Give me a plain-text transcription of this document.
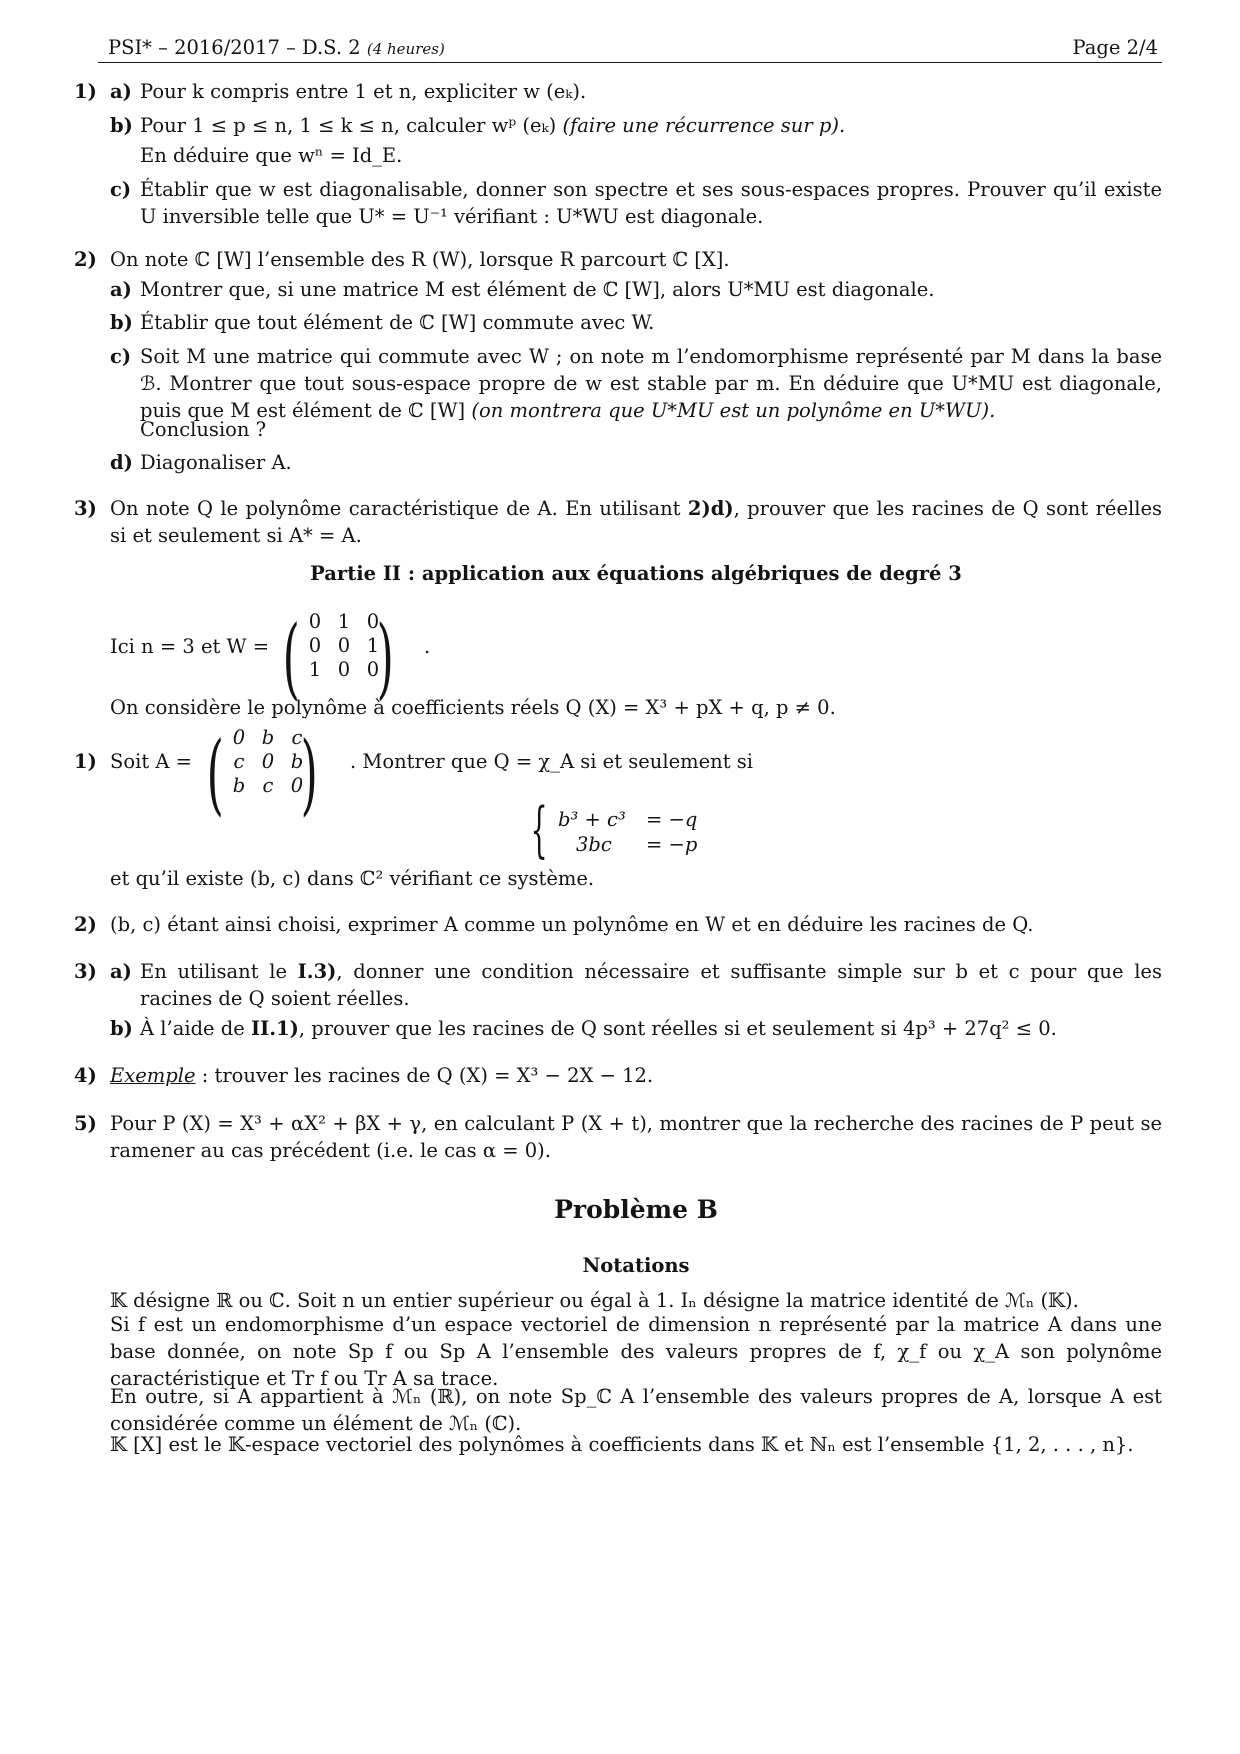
PSI* – 2016/2017 – D.S. 2 (4 heures)	Page 2/4
1) a) Pour k compris entre 1 et n, expliciter w (eₖ).
b) Pour 1 ≤ p ≤ n, 1 ≤ k ≤ n, calculer wᵖ (eₖ) (faire une récurrence sur p).
En déduire que wⁿ = Id_E.
c) Établir que w est diagonalisable, donner son spectre et ses sous-espaces propres. Prouver qu’il existe U inversible telle que U* = U⁻¹ vérifiant : U*WU est diagonale.
2) On note ℂ [W] l’ensemble des R (W), lorsque R parcourt ℂ [X].
a) Montrer que, si une matrice M est élément de ℂ [W], alors U*MU est diagonale.
b) Établir que tout élément de ℂ [W] commute avec W.
c) Soit M une matrice qui commute avec W ; on note m l’endomorphisme représenté par M dans la base ℬ. Montrer que tout sous-espace propre de w est stable par m. En déduire que U*MU est diagonale, puis que M est élément de ℂ [W] (on montrera que U*MU est un polynôme en U*WU).
Conclusion ?
d) Diagonaliser A.
3) On note Q le polynôme caractéristique de A. En utilisant 2)d), prouver que les racines de Q sont réelles si et seulement si A* = A.
Partie II : application aux équations algébriques de degré 3
Ici n = 3 et W = ( )
0 1 0
0 0 1
1 0 0
.
On considère le polynôme à coefficients réels Q (X) = X³ + pX + q, p ≠ 0.
1) Soit A = ( )
0 b c
c 0 b
b c 0
. Montrer que Q = χ_A si et seulement si
{ b³ + c³ = −q
3bc = −p
et qu’il existe (b, c) dans ℂ² vérifiant ce système.
2) (b, c) étant ainsi choisi, exprimer A comme un polynôme en W et en déduire les racines de Q.
3) a) En utilisant le I.3), donner une condition nécessaire et suffisante simple sur b et c pour que les racines de Q soient réelles.
b) À l’aide de II.1), prouver que les racines de Q sont réelles si et seulement si 4p³ + 27q² ≤ 0.
4) Exemple : trouver les racines de Q (X) = X³ − 2X − 12.
5) Pour P (X) = X³ + αX² + βX + γ, en calculant P (X + t), montrer que la recherche des racines de P peut se ramener au cas précédent (i.e. le cas α = 0).
Problème B
Notations
𝕂 désigne ℝ ou ℂ. Soit n un entier supérieur ou égal à 1. Iₙ désigne la matrice identité de ℳₙ (𝕂).
Si f est un endomorphisme d’un espace vectoriel de dimension n représenté par la matrice A dans une base donnée, on note Sp f ou Sp A l’ensemble des valeurs propres de f, χ_f ou χ_A son polynôme caractéristique et Tr f ou Tr A sa trace.
En outre, si A appartient à ℳₙ (ℝ), on note Sp_ℂ A l’ensemble des valeurs propres de A, lorsque A est considérée comme un élément de ℳₙ (ℂ).
𝕂 [X] est le 𝕂-espace vectoriel des polynômes à coefficients dans 𝕂 et ℕₙ est l’ensemble {1, 2, . . . , n}.
